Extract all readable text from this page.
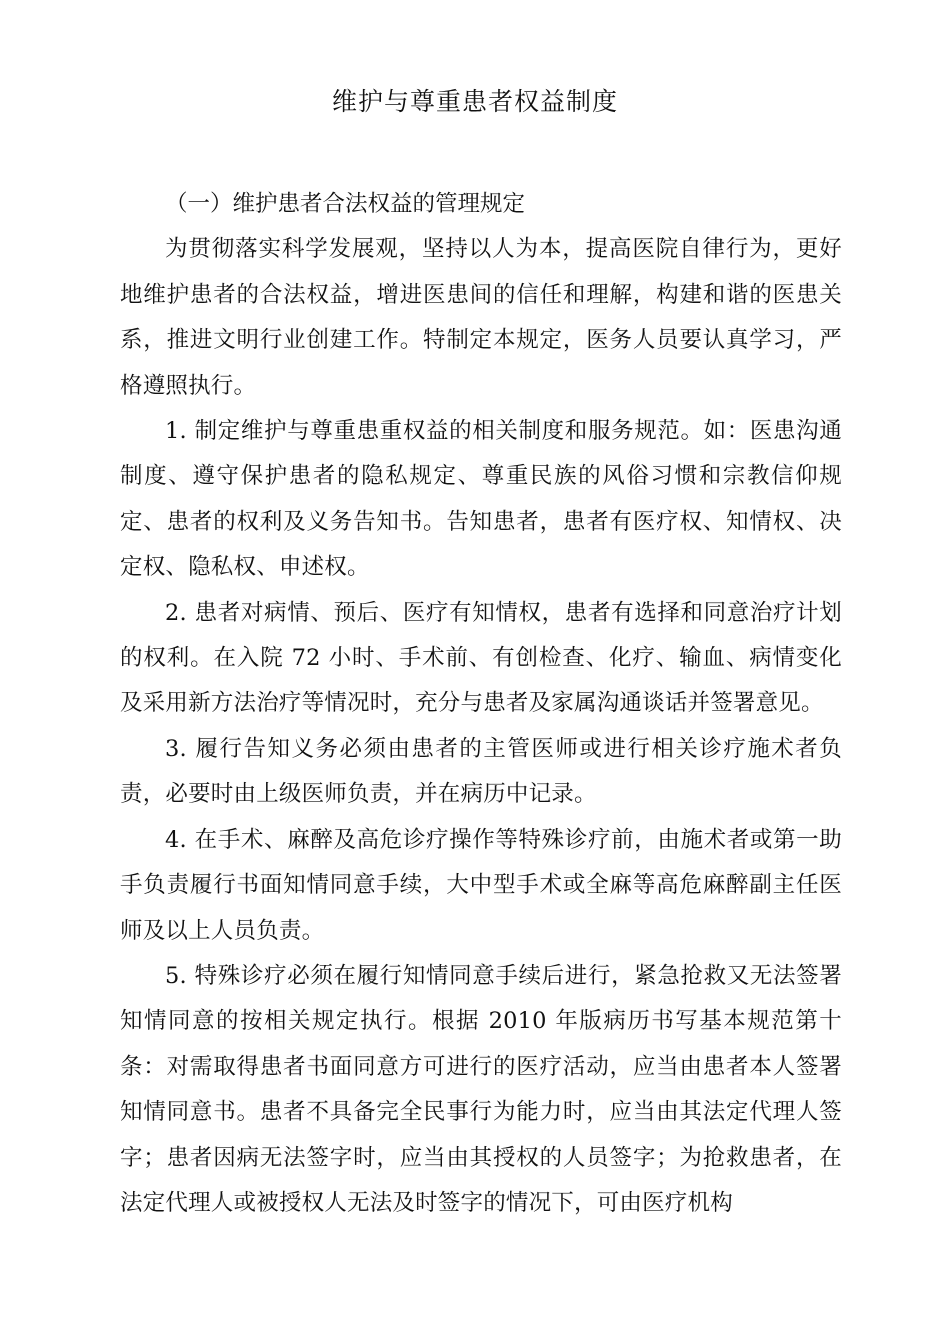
维护与尊重患者权益制度

（一）维护患者合法权益的管理规定

为贯彻落实科学发展观，坚持以人为本，提高医院自律行为，更好地维护患者的合法权益，增进医患间的信任和理解，构建和谐的医患关系，推进文明行业创建工作。特制定本规定，医务人员要认真学习，严格遵照执行。

1. 制定维护与尊重患重权益的相关制度和服务规范。如：医患沟通制度、遵守保护患者的隐私规定、尊重民族的风俗习惯和宗教信仰规定、患者的权利及义务告知书。告知患者，患者有医疗权、知情权、决定权、隐私权、申述权。

2. 患者对病情、预后、医疗有知情权，患者有选择和同意治疗计划的权利。在入院 72 小时、手术前、有创检查、化疗、输血、病情变化及采用新方法治疗等情况时，充分与患者及家属沟通谈话并签署意见。

3. 履行告知义务必须由患者的主管医师或进行相关诊疗施术者负责，必要时由上级医师负责，并在病历中记录。

4. 在手术、麻醉及高危诊疗操作等特殊诊疗前，由施术者或第一助手负责履行书面知情同意手续，大中型手术或全麻等高危麻醉副主任医师及以上人员负责。

5. 特殊诊疗必须在履行知情同意手续后进行，紧急抢救又无法签署知情同意的按相关规定执行。根据 2010 年版病历书写基本规范第十条：对需取得患者书面同意方可进行的医疗活动，应当由患者本人签署知情同意书。患者不具备完全民事行为能力时，应当由其法定代理人签字；患者因病无法签字时，应当由其授权的人员签字；为抢救患者，在法定代理人或被授权人无法及时签字的情况下，可由医疗机构
